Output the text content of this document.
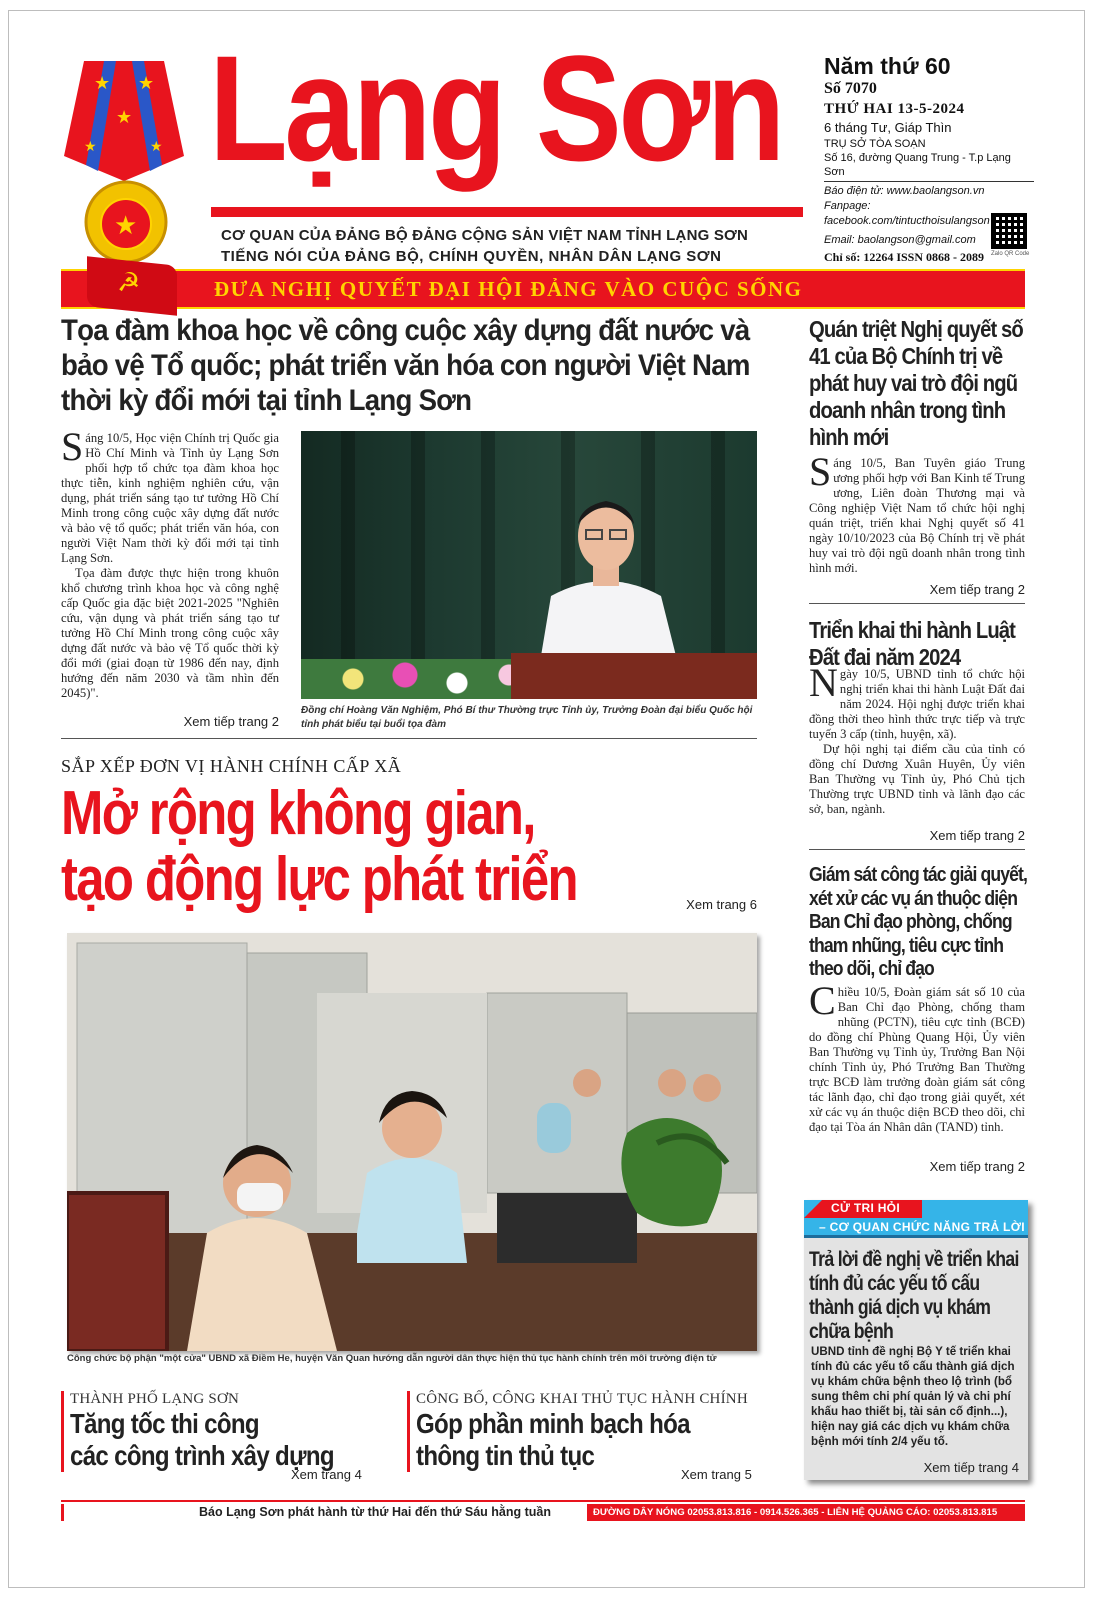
★ ★
★
★	★
★
Lạng Sơn
CƠ QUAN CỦA ĐẢNG BỘ ĐẢNG CỘNG SẢN VIỆT NAM TỈNH LẠNG SƠN
TIẾNG NÓI CỦA ĐẢNG BỘ, CHÍNH QUYỀN, NHÂN DÂN LẠNG SƠN
Năm thứ 60
Số 7070
THỨ HAI 13-5-2024
6 tháng Tư, Giáp Thìn
TRỤ SỞ TÒA SOẠN
Số 16, đường Quang Trung - T.p Lạng Sơn
Báo điện tử: www.baolangson.vn
Fanpage: facebook.com/tintucthoisulangson
Email: baolangson@gmail.com
Chỉ số: 12264 ISSN 0868 - 2089	Zalo QR Code
☭	ĐƯA NGHỊ QUYẾT ĐẠI HỘI ĐẢNG VÀO CUỘC SỐNG
Tọa đàm khoa học về công cuộc xây dựng đất nước và bảo vệ Tổ quốc; phát triển văn hóa con người Việt Nam thời kỳ đổi mới tại tỉnh Lạng Sơn

Sáng 10/5, Học viện Chính trị Quốc gia Hồ Chí Minh và Tỉnh ủy Lạng Sơn phối hợp tổ chức tọa đàm khoa học thực tiễn, kinh nghiệm nghiên cứu, vận dụng, phát triển sáng tạo tư tưởng Hồ Chí Minh trong công cuộc xây dựng đất nước và bảo vệ tổ quốc; phát triển văn hóa, con người Việt Nam thời kỳ đổi mới tại tỉnh Lạng Sơn.

Tọa đàm được thực hiện trong khuôn khổ chương trình khoa học và công nghệ cấp Quốc gia đặc biệt 2021-2025 "Nghiên cứu, vận dụng và phát triển sáng tạo tư tưởng Hồ Chí Minh trong công cuộc xây dựng đất nước và bảo vệ Tổ quốc thời kỳ đổi mới (giai đoạn từ 1986 đến nay, định hướng đến năm 2030 và tầm nhìn đến 2045)".

Xem tiếp trang 2
Đồng chí Hoàng Văn Nghiệm, Phó Bí thư Thường trực Tỉnh ủy, Trưởng Đoàn đại biểu Quốc hội tỉnh phát biểu tại buổi tọa đàm
SẮP XẾP ĐƠN VỊ HÀNH CHÍNH CẤP XÃ
Mở rộng không gian,
tạo động lực phát triển	Xem trang 6
Công chức bộ phận "một cửa" UBND xã Điềm He, huyện Văn Quan hướng dẫn người dân thực hiện thủ tục hành chính trên môi trường điện tử
THÀNH PHỐ LẠNG SƠN
Tăng tốc thi công
các công trình xây dựng
Xem trang 4
CÔNG BỐ, CÔNG KHAI THỦ TỤC HÀNH CHÍNH
Góp phần minh bạch hóa
thông tin thủ tục
Xem trang 5
Quán triệt Nghị quyết số 41 của Bộ Chính trị về phát huy vai trò đội ngũ doanh nhân trong tình hình mới

Sáng 10/5, Ban Tuyên giáo Trung ương phối hợp với Ban Kinh tế Trung ương, Liên đoàn Thương mại và Công nghiệp Việt Nam tổ chức hội nghị quán triệt, triển khai Nghị quyết số 41 ngày 10/10/2023 của Bộ Chính trị về phát huy vai trò đội ngũ doanh nhân trong tình hình mới.

Xem tiếp trang 2
Triển khai thi hành Luật Đất đai năm 2024

Ngày 10/5, UBND tỉnh tổ chức hội nghị triển khai thi hành Luật Đất đai năm 2024. Hội nghị được triển khai đồng thời theo hình thức trực tiếp và trực tuyến 3 cấp (tỉnh, huyện, xã).

Dự hội nghị tại điểm cầu của tỉnh có đồng chí Dương Xuân Huyên, Ủy viên Ban Thường vụ Tỉnh ủy, Phó Chủ tịch Thường trực UBND tỉnh và lãnh đạo các sở, ban, ngành.

Xem tiếp trang 2
Giám sát công tác giải quyết, xét xử các vụ án thuộc diện Ban Chỉ đạo phòng, chống tham nhũng, tiêu cực tỉnh theo dõi, chỉ đạo

Chiều 10/5, Đoàn giám sát số 10 của Ban Chỉ đạo Phòng, chống tham nhũng (PCTN), tiêu cực tỉnh (BCĐ) do đồng chí Phùng Quang Hội, Ủy viên Ban Thường vụ Tỉnh ủy, Trưởng Ban Nội chính Tỉnh ủy, Phó Trưởng Ban Thường trực BCĐ làm trưởng đoàn giám sát công tác lãnh đạo, chỉ đạo trong giải quyết, xét xử các vụ án thuộc diện BCĐ theo dõi, chỉ đạo tại Tòa án Nhân dân (TAND) tỉnh.

Xem tiếp trang 2
CỬ TRI HỎI
– CƠ QUAN CHỨC NĂNG TRẢ LỜI
Trả lời đề nghị về triển khai tính đủ các yếu tố cấu thành giá dịch vụ khám chữa bệnh
UBND tỉnh đề nghị Bộ Y tế triển khai tính đủ các yếu tố cấu thành giá dịch vụ khám chữa bệnh theo lộ trình (bổ sung thêm chi phí quản lý và chi phí khấu hao thiết bị, tài sản cố định...), hiện nay giá các dịch vụ khám chữa bệnh mới tính 2/4 yếu tố.
Xem tiếp trang 4
Báo Lạng Sơn phát hành từ thứ Hai đến thứ Sáu hằng tuần	ĐƯỜNG DÂY NÓNG 02053.813.816 - 0914.526.365 - LIÊN HỆ QUẢNG CÁO: 02053.813.815
